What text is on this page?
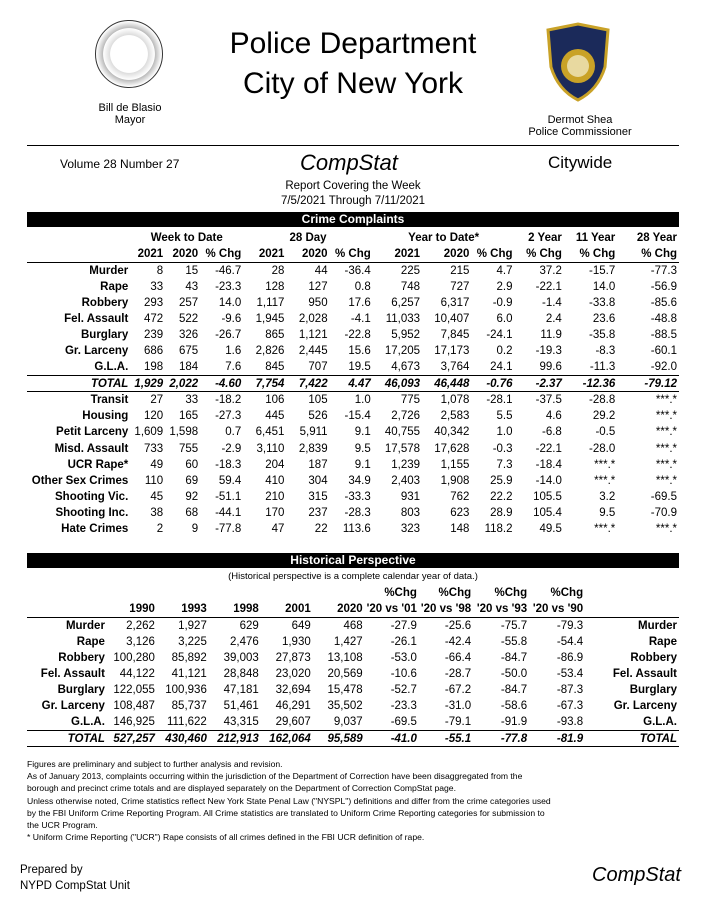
Bill de Blasio
Mayor
Police Department
City of New York
Dermot Shea
Police Commissioner
Volume 28 Number 27	CompStat	Citywide
Report Covering the Week
7/5/2021 Through 7/11/2021
Crime Complaints
	Week to Date			28 Day			Year to Date*			2 Year	11 Year	28 Year
	2021	2020	% Chg	2021	2020	% Chg	2021	2020	% Chg	% Chg	% Chg	% Chg
Murder	8	15	-46.7	28	44	-36.4	225	215	4.7	37.2	-15.7	-77.3
Rape	33	43	-23.3	128	127	0.8	748	727	2.9	-22.1	14.0	-56.9
Robbery	293	257	14.0	1,117	950	17.6	6,257	6,317	-0.9	-1.4	-33.8	-85.6
Fel. Assault	472	522	-9.6	1,945	2,028	-4.1	11,033	10,407	6.0	2.4	23.6	-48.8
Burglary	239	326	-26.7	865	1,121	-22.8	5,952	7,845	-24.1	11.9	-35.8	-88.5
Gr. Larceny	686	675	1.6	2,826	2,445	15.6	17,205	17,173	0.2	-19.3	-8.3	-60.1
G.L.A.	198	184	7.6	845	707	19.5	4,673	3,764	24.1	99.6	-11.3	-92.0
TOTAL	1,929	2,022	-4.60	7,754	7,422	4.47	46,093	46,448	-0.76	-2.37	-12.36	-79.12
Transit	27	33	-18.2	106	105	1.0	775	1,078	-28.1	-37.5	-28.8	***.*
Housing	120	165	-27.3	445	526	-15.4	2,726	2,583	5.5	4.6	29.2	***.*
Petit Larceny	1,609	1,598	0.7	6,451	5,911	9.1	40,755	40,342	1.0	-6.8	-0.5	***.*
Misd. Assault	733	755	-2.9	3,110	2,839	9.5	17,578	17,628	-0.3	-22.1	-28.0	***.*
UCR Rape*	49	60	-18.3	204	187	9.1	1,239	1,155	7.3	-18.4	***.*	***.*
Other Sex Crimes	110	69	59.4	410	304	34.9	2,403	1,908	25.9	-14.0	***.*	***.*
Shooting Vic.	45	92	-51.1	210	315	-33.3	931	762	22.2	105.5	3.2	-69.5
Shooting Inc.	38	68	-44.1	170	237	-28.3	803	623	28.9	105.4	9.5	-70.9
Hate Crimes	2	9	-77.8	47	22	113.6	323	148	118.2	49.5	***.*	***.*
Historical Perspective
(Historical perspective is a complete calendar year of data.)
						%Chg	%Chg	%Chg	%Chg	
	1990	1993	1998	2001	2020	'20 vs '01	'20 vs '98	'20 vs '93	'20 vs '90	
Murder	2,262	1,927	629	649	468	-27.9	-25.6	-75.7	-79.3	Murder
Rape	3,126	3,225	2,476	1,930	1,427	-26.1	-42.4	-55.8	-54.4	Rape
Robbery	100,280	85,892	39,003	27,873	13,108	-53.0	-66.4	-84.7	-86.9	Robbery
Fel. Assault	44,122	41,121	28,848	23,020	20,569	-10.6	-28.7	-50.0	-53.4	Fel. Assault
Burglary	122,055	100,936	47,181	32,694	15,478	-52.7	-67.2	-84.7	-87.3	Burglary
Gr. Larceny	108,487	85,737	51,461	46,291	35,502	-23.3	-31.0	-58.6	-67.3	Gr. Larceny
G.L.A.	146,925	111,622	43,315	29,607	9,037	-69.5	-79.1	-91.9	-93.8	G.L.A.
TOTAL	527,257	430,460	212,913	162,064	95,589	-41.0	-55.1	-77.8	-81.9	TOTAL
Figures are preliminary and subject to further analysis and revision.
As of January 2013, complaints occurring within the jurisdiction of the Department of Correction have been disaggregated from the
borough and precinct crime totals and are displayed separately on the Department of Correction CompStat page.
Unless otherwise noted, Crime statistics reflect New York State Penal Law ("NYSPL") definitions and differ from the crime categories used
by the FBI Uniform Crime Reporting Program. All Crime statistics are translated to Uniform Crime Reporting categories for submission to
the UCR Program.
* Uniform Crime Reporting ("UCR") Rape consists of all crimes defined in the FBI UCR definition of rape.
Prepared by
NYPD CompStat Unit	CompStat
